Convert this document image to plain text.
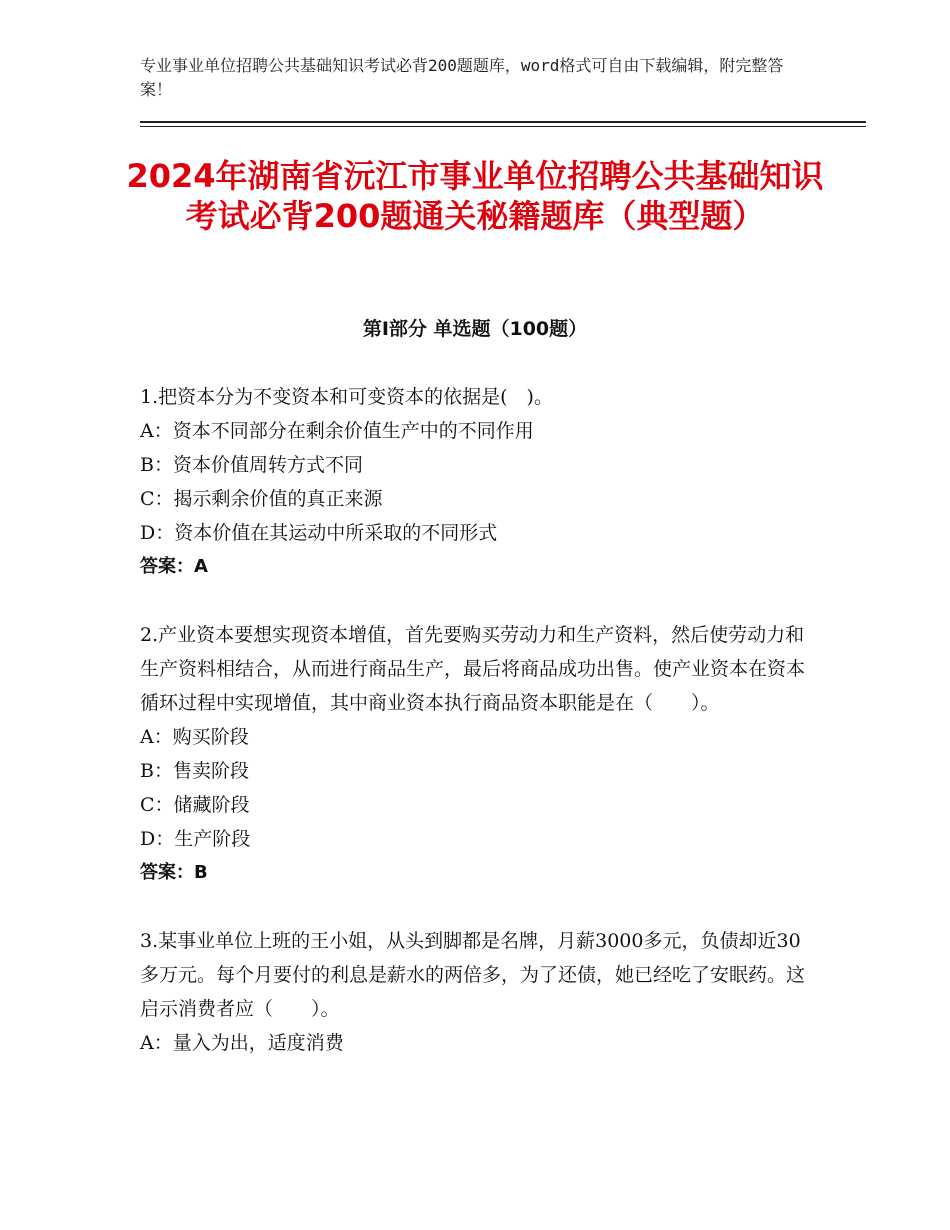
专业事业单位招聘公共基础知识考试必背200题题库，word格式可自由下载编辑，附完整答案！
2024年湖南省沅江市事业单位招聘公共基础知识考试必背200题通关秘籍题库（典型题）
第Ⅰ部分 单选题（100题）
1.把资本分为不变资本和可变资本的依据是(　)。
A：资本不同部分在剩余价值生产中的不同作用
B：资本价值周转方式不同
C：揭示剩余价值的真正来源
D：资本价值在其运动中所采取的不同形式
答案：A
2.产业资本要想实现资本增值，首先要购买劳动力和生产资料，然后使劳动力和生产资料相结合，从而进行商品生产，最后将商品成功出售。使产业资本在资本循环过程中实现增值，其中商业资本执行商品资本职能是在（　　）。
A：购买阶段
B：售卖阶段
C：储藏阶段
D：生产阶段
答案：B
3.某事业单位上班的王小姐，从头到脚都是名牌，月薪3000多元，负债却近30多万元。每个月要付的利息是薪水的两倍多，为了还债，她已经吃了安眠药。这启示消费者应（　　）。
A：量入为出，适度消费
